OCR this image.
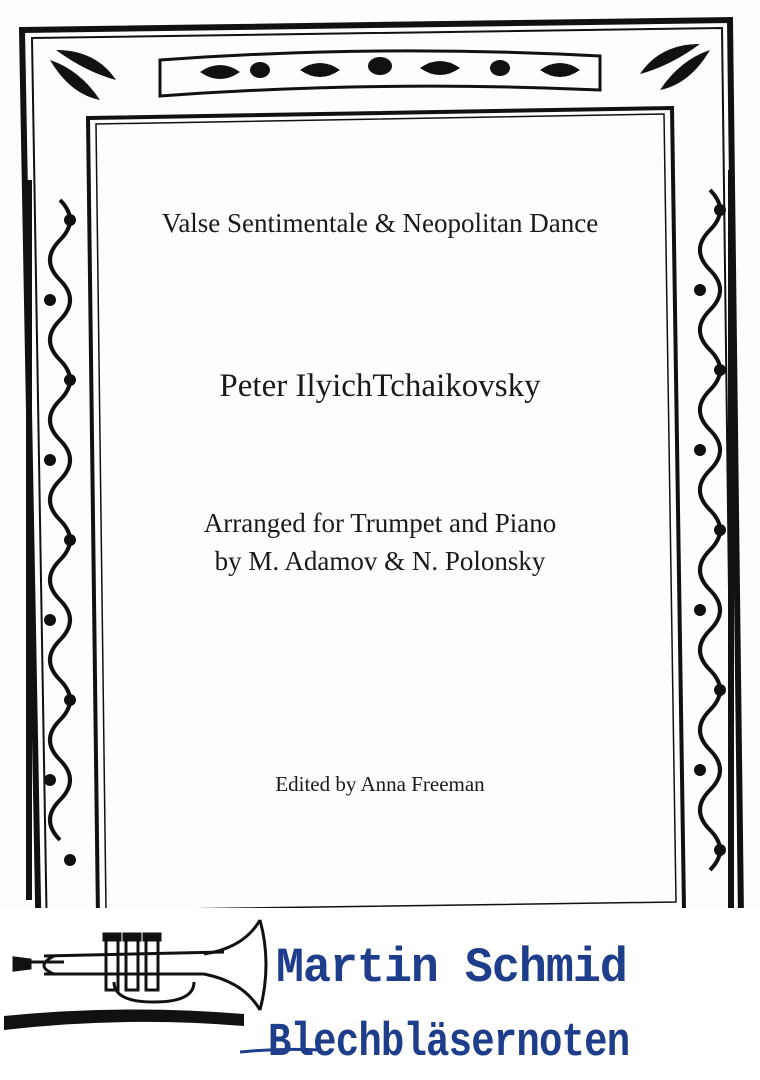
Valse Sentimentale & Neopolitan Dance
Peter IlyichTchaikovsky
Arranged for Trumpet and Piano
by M. Adamov & N. Polonsky
Edited by Anna Freeman
Martin Schmid
Blechbläsernoten
